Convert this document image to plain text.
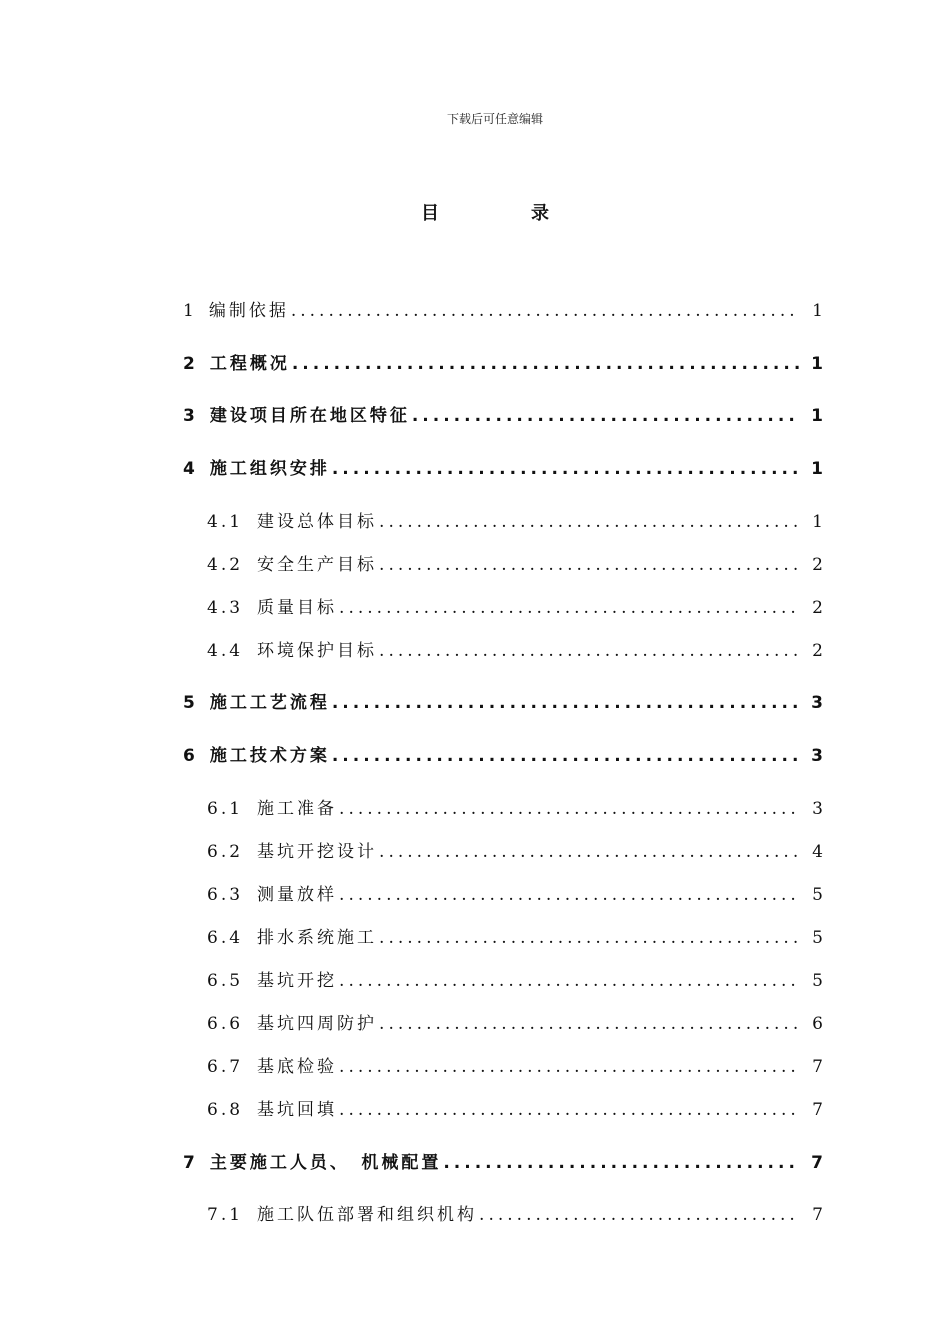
下载后可任意编辑
目	录
1 编制依据 .....	1
2 工程概况 .....	1
3 建设项目所在地区特征 .....	1
4 施工组织安排 .....	1
4.1 建设总体目标 .....	1
4.2 安全生产目标 .....	2
4.3 质量目标 .....	2
4.4 环境保护目标 .....	2
5 施工工艺流程 .....	3
6 施工技术方案 .....	3
6.1 施工准备 .....	3
6.2 基坑开挖设计 .....	4
6.3 测量放样 .....	5
6.4 排水系统施工 .....	5
6.5 基坑开挖 .....	5
6.6 基坑四周防护 .....	6
6.7 基底检验 .....	7
6.8 基坑回填 .....	7
7 主要施工人员、　机械配置 .....	7
7.1 施工队伍部署和组织机构 .....	7
